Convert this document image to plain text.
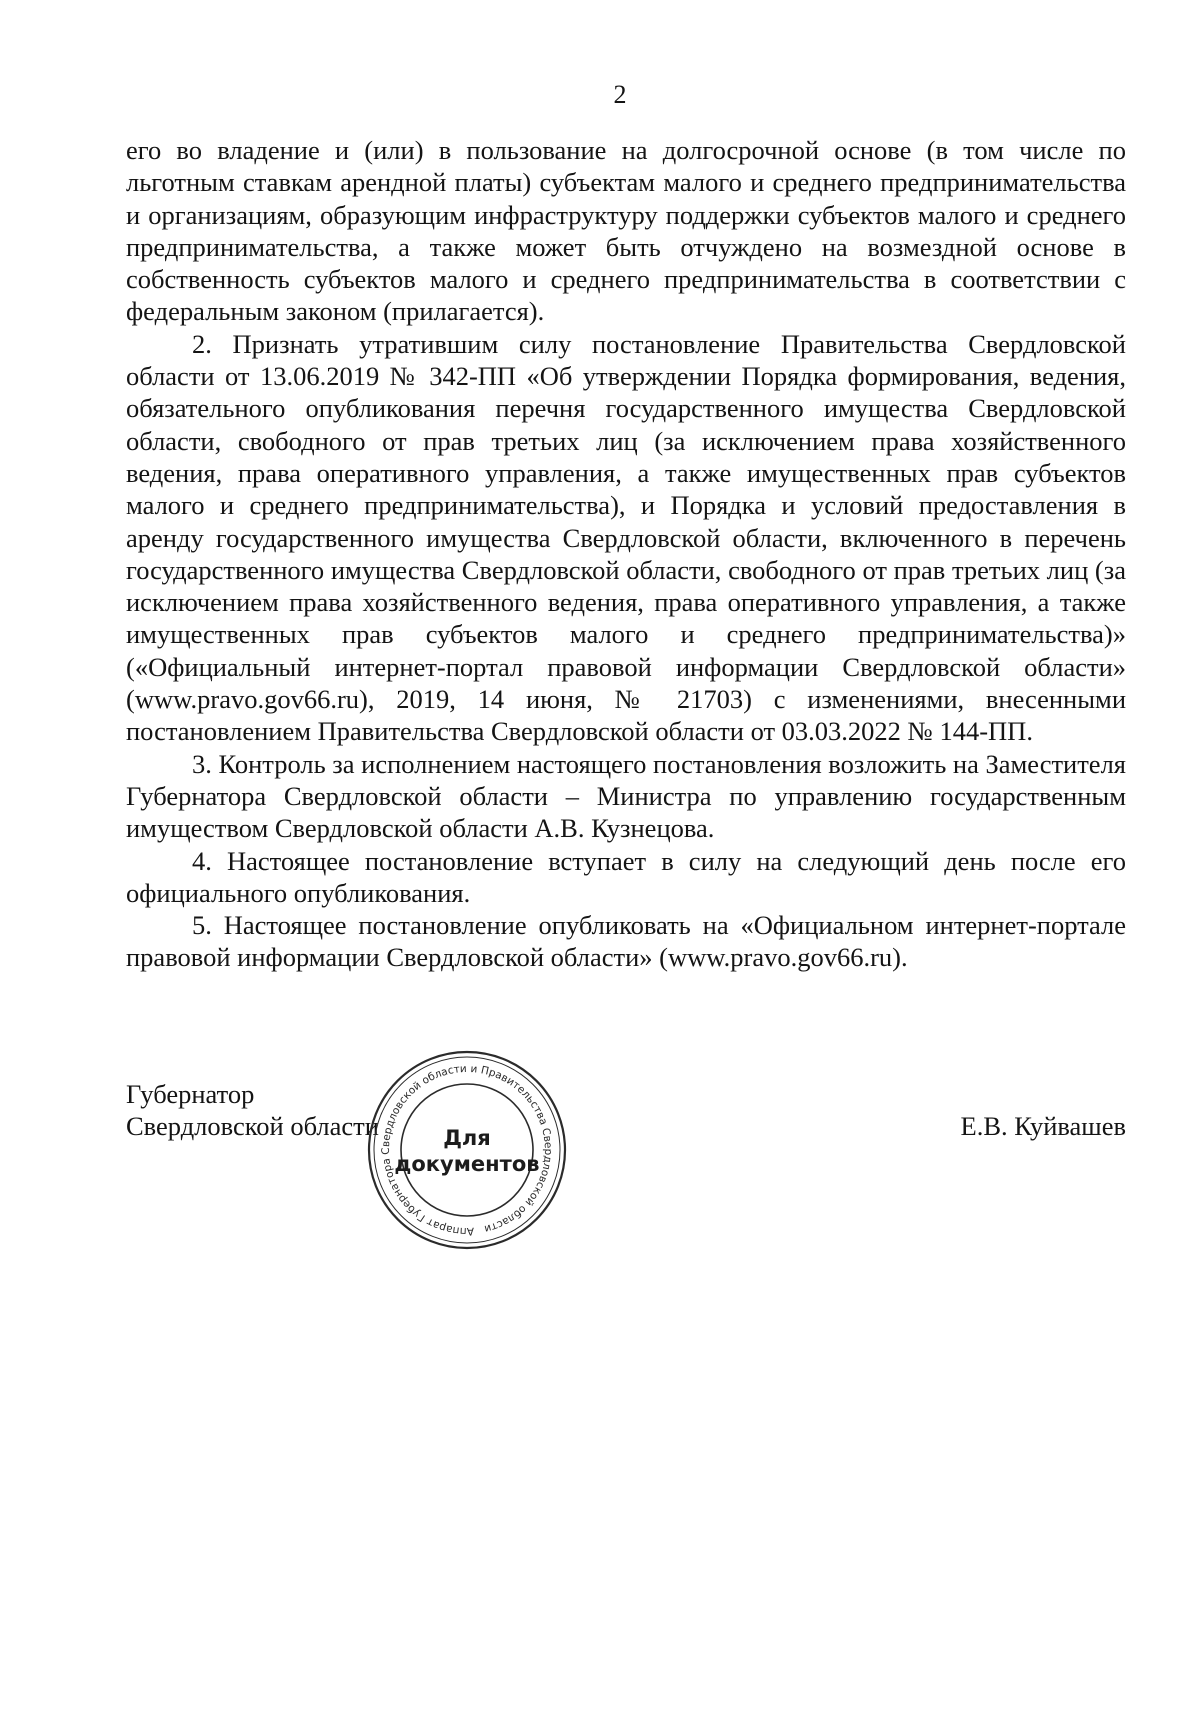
2

его во владение и (или) в пользование на долгосрочной основе (в том числе по льготным ставкам арендной платы) субъектам малого и среднего предпринимательства и организациям, образующим инфраструктуру поддержки субъектов малого и среднего предпринимательства, а также может быть отчуждено на возмездной основе в собственность субъектов малого и среднего предпринимательства в соответствии с федеральным законом (прилагается).

2. Признать утратившим силу постановление Правительства Свердловской области от 13.06.2019 № 342-ПП «Об утверждении Порядка формирования, ведения, обязательного опубликования перечня государственного имущества Свердловской области, свободного от прав третьих лиц (за исключением права хозяйственного ведения, права оперативного управления, а также имущественных прав субъектов малого и среднего предпринимательства), и Порядка и условий предоставления в аренду государственного имущества Свердловской области, включенного в перечень государственного имущества Свердловской области, свободного от прав третьих лиц (за исключением права хозяйственного ведения, права оперативного управления, а также имущественных прав субъектов малого и среднего предпринимательства)» («Официальный интернет-портал правовой информации Свердловской области» (www.pravo.gov66.ru), 2019, 14 июня, № 21703) с изменениями, внесенными постановлением Правительства Свердловской области от 03.03.2022 № 144-ПП.

3. Контроль за исполнением настоящего постановления возложить на Заместителя Губернатора Свердловской области – Министра по управлению государственным имуществом Свердловской области А.В. Кузнецова.

4. Настоящее постановление вступает в силу на следующий день после его официального опубликования.

5. Настоящее постановление опубликовать на «Официальном интернет-портале правовой информации Свердловской области» (www.pravo.gov66.ru).

Губернатор
Свердловской области	Е.В. Куйвашев
Аппарат Губернатора Свердловской области и Правительства Свердловской области
Для
документов
